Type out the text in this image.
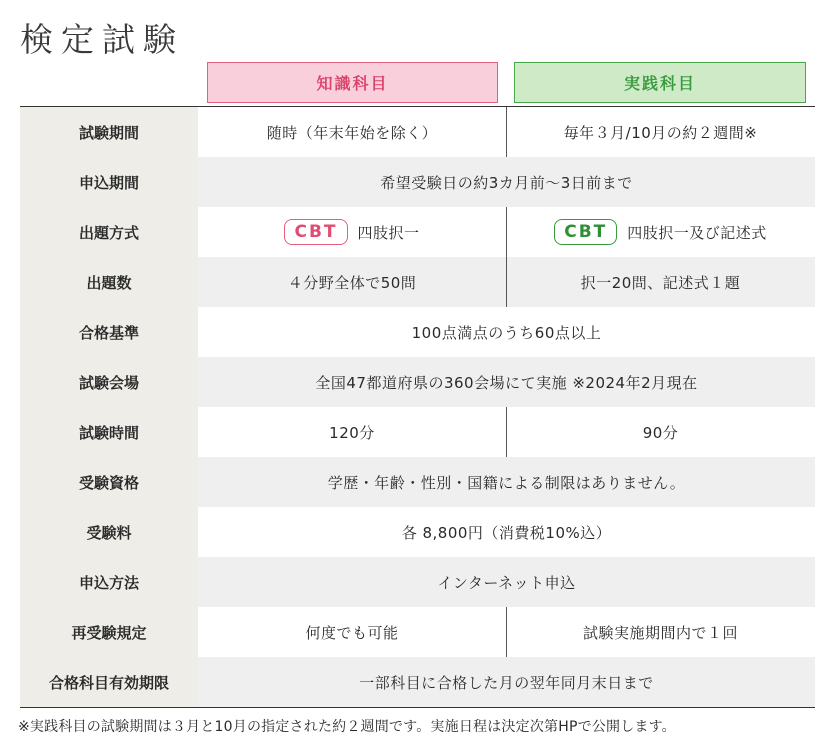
検定試験
知識科目	実践科目
試験期間	随時（年末年始を除く）	毎年３月/10月の約２週間※
申込期間	希望受験日の約3カ月前〜3日前まで
出題方式	CBT	四肢択一	CBT	四肢択一及び記述式
出題数	４分野全体で50問	択一20問、記述式１題
合格基準	100点満点のうち60点以上
試験会場	全国47都道府県の360会場にて実施 ※2024年2月現在
試験時間	120分	90分
受験資格	学歴・年齢・性別・国籍による制限はありません。
受験料	各 8,800円（消費税10%込）
申込方法	インターネット申込
再受験規定	何度でも可能	試験実施期間内で１回
合格科目有効期限	一部科目に合格した月の翌年同月末日まで

※実践科目の試験期間は３月と10月の指定された約２週間です。実施日程は決定次第HPで公開します。
